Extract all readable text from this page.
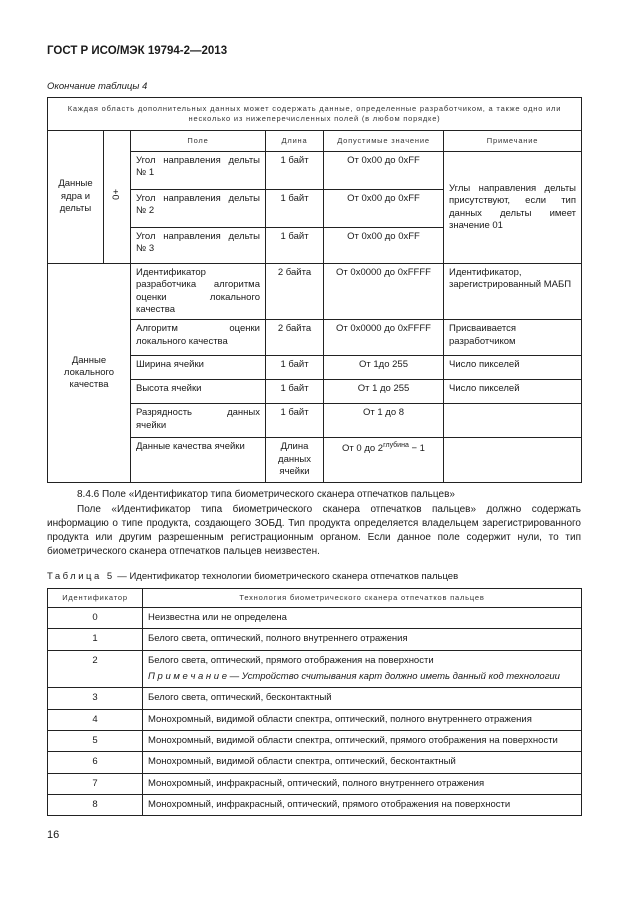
ГОСТ Р ИСО/МЭК 19794-2—2013
Окончание таблицы 4
Каждая область дополнительных данных может содержать данные, определенные разработчиком, а также одно или несколько из нижеперечисленных полей (в любом порядке)					
Данные ядра и дельты	0+	Поле	Длина	Допустимые значение	Примечание
		Угол направления дельты № 1	1 байт	От 0x00 до 0xFF	Углы направления дельты присутствуют, если тип данных дельты имеет значение 01
		Угол направления дельты № 2	1 байт	От 0x00 до 0xFF	
		Угол направления дельты № 3	1 байт	От 0x00 до 0xFF	
Данные локального качества		Идентификатор разработчика алгоритма оценки локального качества	2 байта	От 0x0000 до 0xFFFF	Идентификатор, зарегистрированный МАБП
		Алгоритм оценки локального качества	2 байта	От 0x0000 до 0xFFFF	Присваивается разработчиком
		Ширина ячейки	1 байт	От 1до 255	Число пикселей
		Высота ячейки	1 байт	От 1 до 255	Число пикселей
		Разрядность данных ячейки	1 байт	От 1 до 8	
		Данные качества ячейки	Длина данных ячейки	От 0 до $2^{глубина} - 1$	
8.4.6 Поле «Идентификатор типа биометрического сканера отпечатков пальцев»
Поле «Идентификатор типа биометрического сканера отпечатков пальцев» должно содержать информацию о типе продукта, создающего ЗОБД. Тип продукта определяется владельцем зарегистрированного продукта или другим разрешенным регистрационным органом. Если данное поле содержит нули, то тип биометрического сканера отпечатков пальцев неизвестен.
Таблица 5 — Идентификатор технологии биометрического сканера отпечатков пальцев
Идентификатор	Технология биометрического сканера отпечатков пальцев
0	Неизвестна или не определена
1	Белого света, оптический, полного внутреннего отражения
2	Белого света, оптический, прямого отображения на поверхности
П р и м е ч а н и е — Устройство считывания карт должно иметь данный код технологии

3	Белого света, оптический, бесконтактный
4	Монохромный, видимой области спектра, оптический, полного внутреннего отражения
5	Монохромный, видимой области спектра, оптический, прямого отображения на поверхности
6	Монохромный, видимой области спектра, оптический, бесконтактный
7	Монохромный, инфракрасный, оптический, полного внутреннего отражения
8	Монохромный, инфракрасный, оптический, прямого отображения на поверхности
16
